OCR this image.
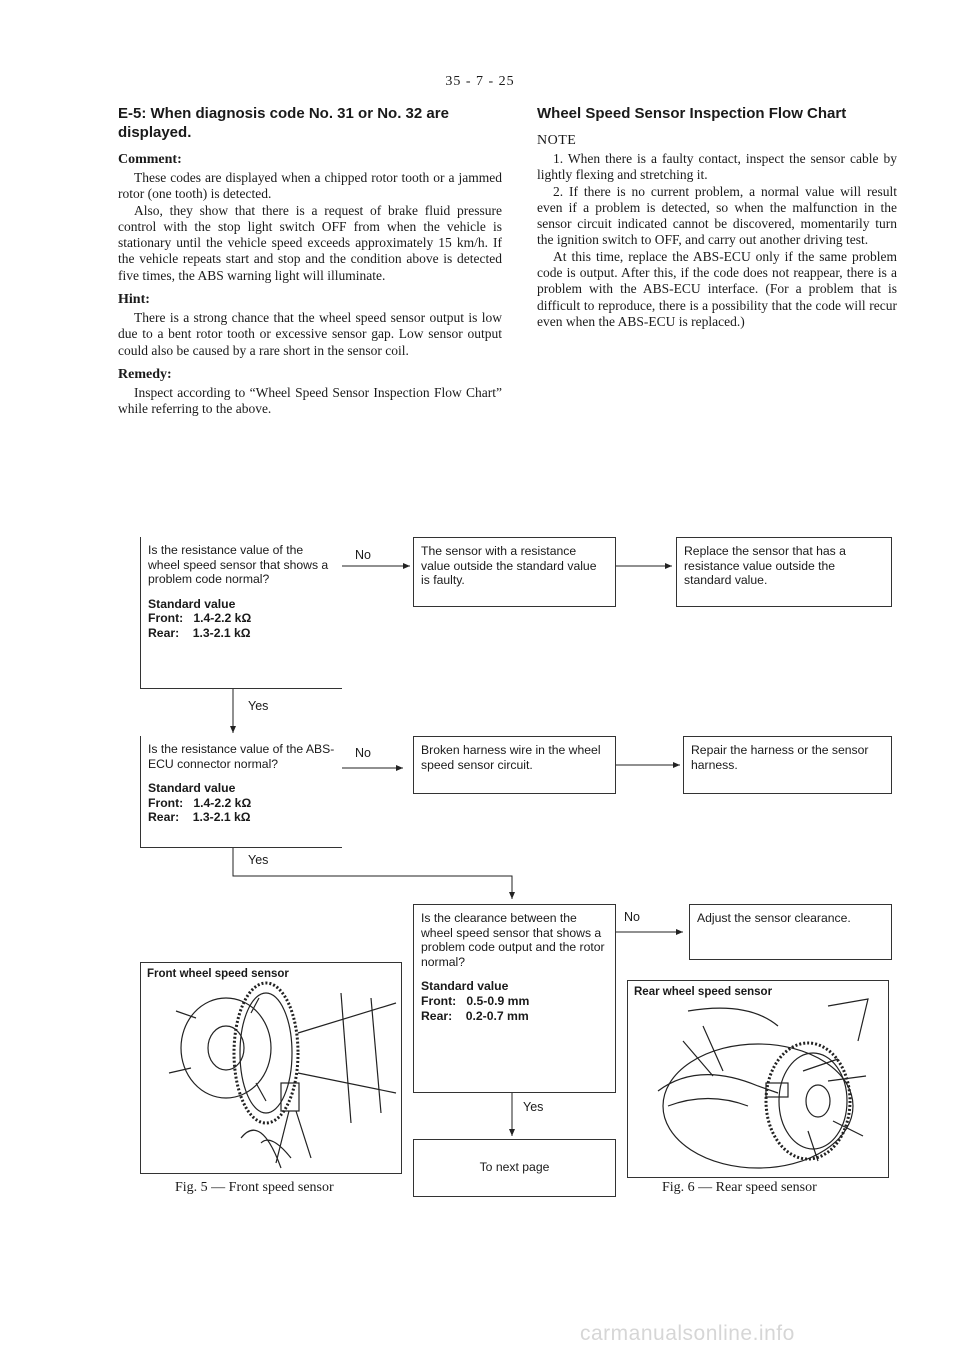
35 - 7 - 25
E-5: When diagnosis code No. 31 or No. 32 are displayed.
Comment:

These codes are displayed when a chipped rotor tooth or a jammed rotor (one tooth) is detected.

Also, they show that there is a request of brake fluid pressure control with the stop light switch OFF from when the vehicle is stationary until the vehicle speed exceeds approximately 15 km/h. If the vehicle repeats start and stop and the condition above is detected five times, the ABS warning light will illuminate.

Hint:

There is a strong chance that the wheel speed sensor output is low due to a bent rotor tooth or excessive sensor gap. Low sensor output could also be caused by a rare short in the sensor coil.

Remedy:

Inspect according to “Wheel Speed Sensor Inspection Flow Chart” while referring to the above.

Wheel Speed Sensor Inspection Flow Chart
NOTE

1. When there is a faulty contact, inspect the sensor cable by lightly flexing and stretching it.

2. If there is no current problem, a normal value will result even if a problem is detected, so when the malfunction in the sensor circuit indicated cannot be discovered, momentarily turn the ignition switch to OFF, and carry out another driving test.

At this time, replace the ABS-ECU only if the same problem code is output. After this, if the code does not reappear, there is a problem with the ABS-ECU interface. (For a problem that is difficult to reproduce, there is a possibility that the code will recur even when the ABS-ECU is replaced.)

Is the resistance value of the wheel speed sensor that shows a problem code normal?
Standard value
Front:   1.4-2.2 kΩ
Rear:    1.3-2.1 kΩ
No
Yes
The sensor with a resistance value outside the standard value is faulty.
Replace the sensor that has a resistance value outside the standard value.
Is the resistance value of the ABS-ECU connector normal?
Standard value
Front:   1.4-2.2 kΩ
Rear:    1.3-2.1 kΩ
No
Yes
Broken harness wire in the wheel speed sensor circuit.
Repair the harness or the sensor harness.
Is the clearance between the wheel speed sensor that shows a problem code output and the rotor normal?
Standard value
Front:   0.5-0.9 mm
Rear:    0.2-0.7 mm
No
Yes
Adjust the sensor clearance.
To next page
Front wheel speed sensor
Fig. 5 — Front speed sensor
Rear wheel speed sensor
Fig. 6 — Rear speed sensor
carmanualsonline.info
